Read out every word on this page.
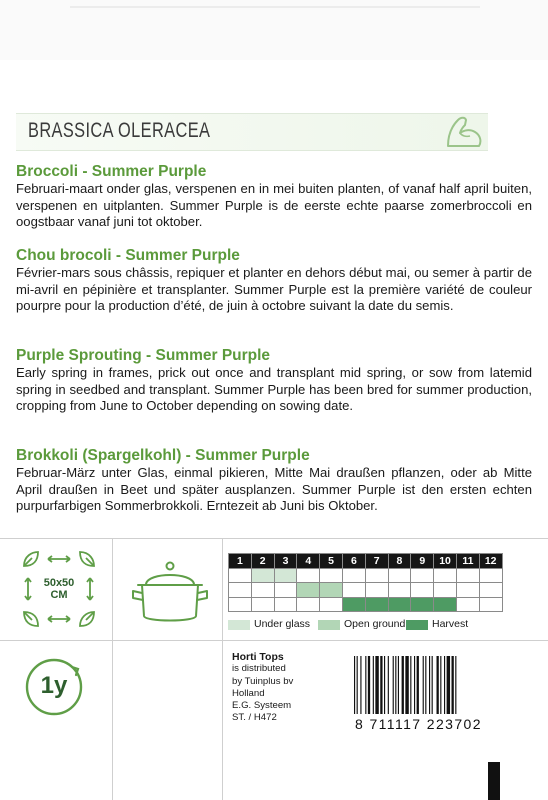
BRASSICA OLERACEA
Broccoli - Summer Purple

Februari-maart onder glas, verspenen en in mei buiten planten, of vanaf half april buiten, verspenen en uitplanten. Summer Purple is de eerste echte paarse zomerbroccoli en oogstbaar vanaf juni tot oktober.

Chou brocoli - Summer Purple

Février-mars sous châssis, repiquer et planter en dehors début mai, ou semer à partir de mi-avril en pépinière et transplanter. Summer Purple est la première variété de couleur pourpre pour la production d’été, de juin à octobre suivant la date du semis.

Purple Sprouting - Summer Purple

Early spring in frames, prick out once and transplant mid spring, or sow from latemid spring in seedbed and transplant. Summer Purple has been bred for summer production, cropping from June to October depending on sowing date.

Brokkoli (Spargelkohl) - Summer Purple

Februar-März unter Glas, einmal pikieren, Mitte Mai draußen pflanzen, oder ab Mitte April draußen in Beet und später ausplanzen. Summer Purple ist den ersten echten purpurfarbigen Sommerbrokkoli. Erntezeit ab Juni bis Oktober.

50x50
CM
1y
1	2	3	4	5	6	7	8	9	10	11	12

Under glass	Open ground	Harvest
Horti Tops
is distributed
by Tuinplus bv
Holland
E.G. Systeem
ST. / H472	8 711117 223702
